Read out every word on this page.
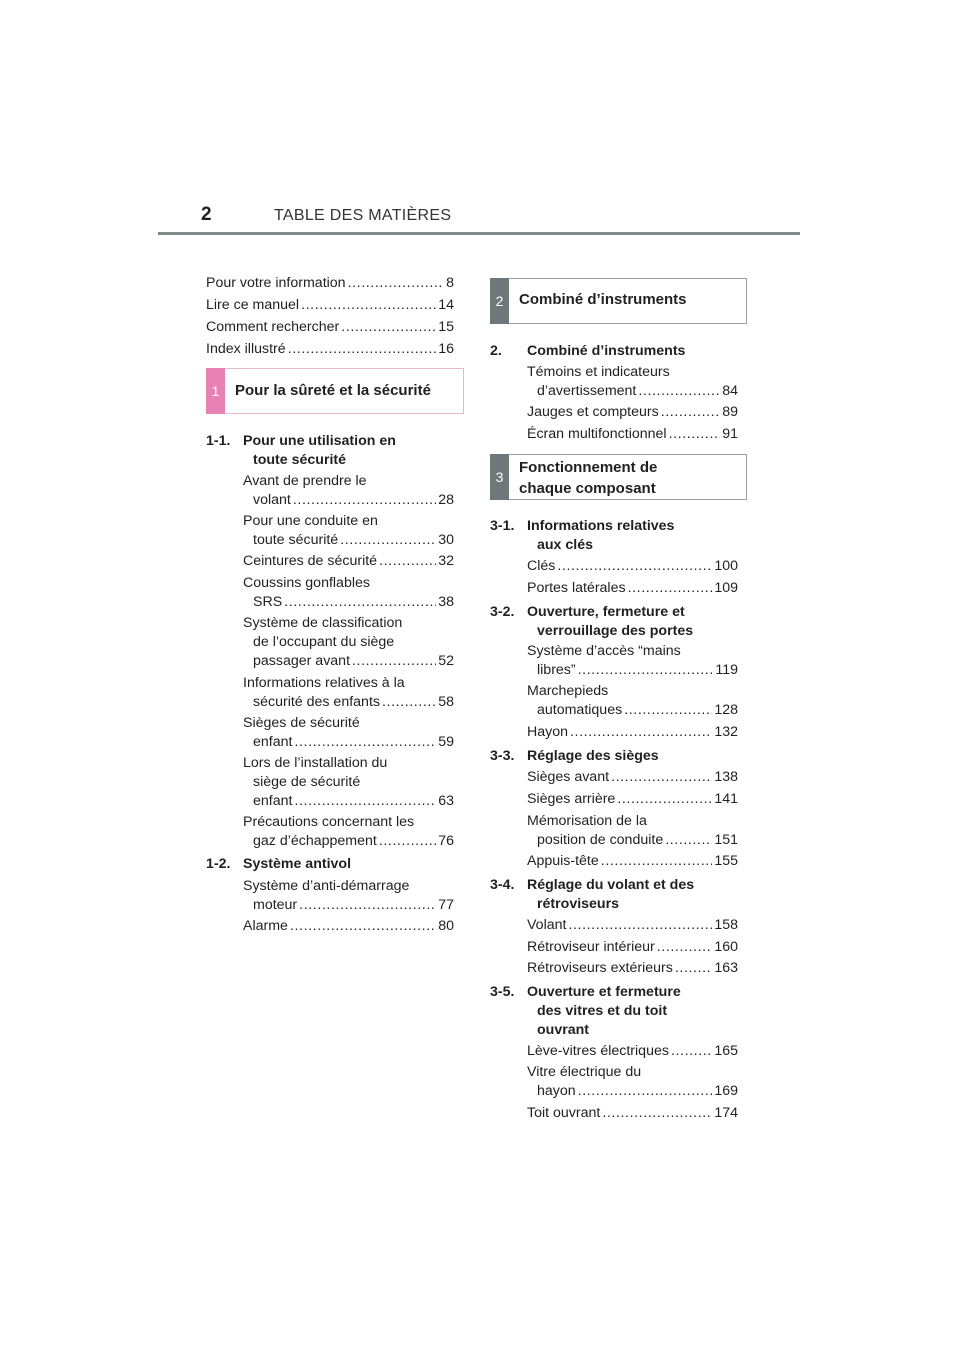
2	TABLE DES MATIÈRES
Pour votre information .....	8
Lire ce manuel .....	14
Comment rechercher .....	15
Index illustré .....	16
1	Pour la sûreté et la sécurité
1-1. Pour une utilisation en
toute sécurité
Avant de prendre le
volant .....	28
Pour une conduite en
toute sécurité .....	30
Ceintures de sécurité .....	32
Coussins gonflables
SRS .....	38
Système de classification
de l’occupant du siège
passager avant .....	52
Informations relatives à la
sécurité des enfants .....	58
Sièges de sécurité
enfant .....	59
Lors de l’installation du
siège de sécurité
enfant .....	63
Précautions concernant les
gaz d’échappement .....	76
1-2. Système antivol
Système d’anti-démarrage
moteur .....	77
Alarme .....	80
2	Combiné d’instruments
2. Combiné d’instruments
Témoins et indicateurs
d’avertissement .....	84
Jauges et compteurs .....	89
Écran multifonctionnel .....	91
3
Fonctionnement de
chaque composant
3-1. Informations relatives
aux clés
Clés .....	100
Portes latérales .....	109
3-2. Ouverture, fermeture et
verrouillage des portes
Système d’accès “mains
libres” .....	119
Marchepieds
automatiques .....	128
Hayon .....	132
3-3. Réglage des sièges
Sièges avant .....	138
Sièges arrière .....	141
Mémorisation de la
position de conduite .....	151
Appuis-tête .....	155
3-4. Réglage du volant et des
rétroviseurs
Volant .....	158
Rétroviseur intérieur .....	160
Rétroviseurs extérieurs .....	163
3-5. Ouverture et fermeture
des vitres et du toit
ouvrant
Lève-vitres électriques .....	165
Vitre électrique du
hayon .....	169
Toit ouvrant .....	174
